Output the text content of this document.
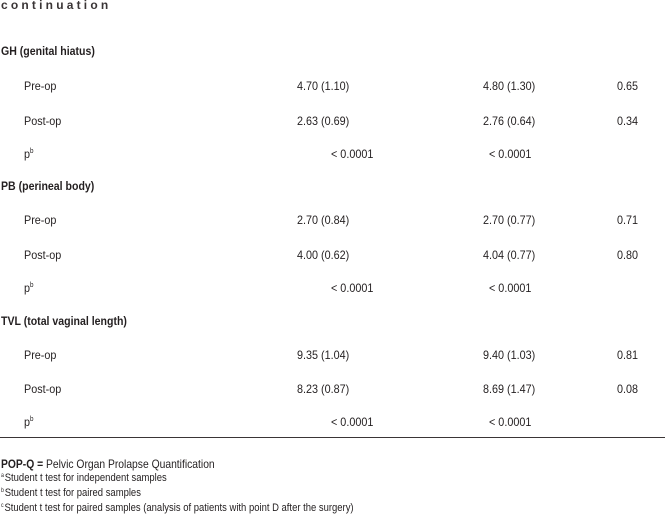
continuation
GH (genital hiatus)
Pre-op	4.70 (1.10)	4.80 (1.30)	0.65
Post-op	2.63 (0.69)	2.76 (0.64)	0.34
$p^b$	< 0.0001	< 0.0001
PB (perineal body)
Pre-op	2.70 (0.84)	2.70 (0.77)	0.71
Post-op	4.00 (0.62)	4.04 (0.77)	0.80
$p^b$	< 0.0001	< 0.0001
TVL (total vaginal length)
Pre-op	9.35 (1.04)	9.40 (1.03)	0.81
Post-op	8.23 (0.87)	8.69 (1.47)	0.08
$p^b$	< 0.0001	< 0.0001
POP-Q = Pelvic Organ Prolapse Quantification
$^a$Student t test for independent samples
$^b$Student t test for paired samples
$^c$Student t test for paired samples (analysis of patients with point D after the surgery)
